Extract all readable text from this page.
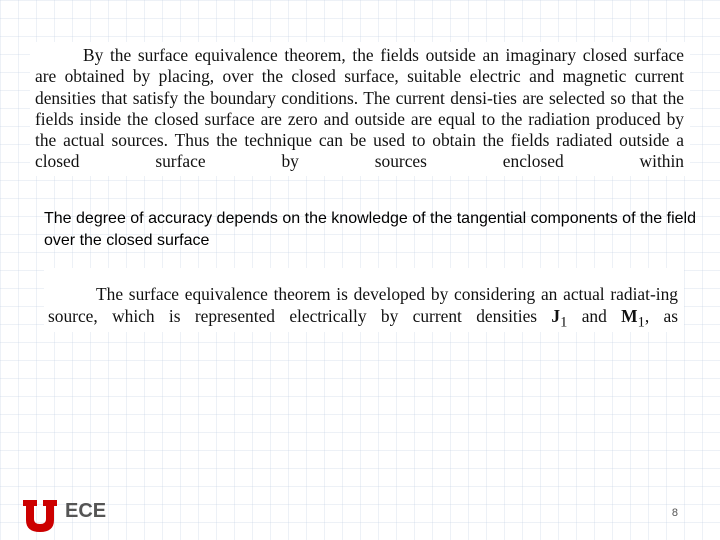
By the surface equivalence theorem, the fields outside an imaginary closed surface are obtained by placing, over the closed surface, suitable electric and magnetic current densities that satisfy the boundary conditions. The current densi-ties are selected so that the fields inside the closed surface are zero and outside are equal to the radiation produced by the actual sources. Thus the technique can be used to obtain the fields radiated outside a closed surface by sources enclosed within

The degree of accuracy depends on the knowledge of the tangential components of the field over the closed surface

The surface equivalence theorem is developed by considering an actual radiat-ing source, which is represented electrically by current densities $J_1$ and $M_1$, as

ECE	8
